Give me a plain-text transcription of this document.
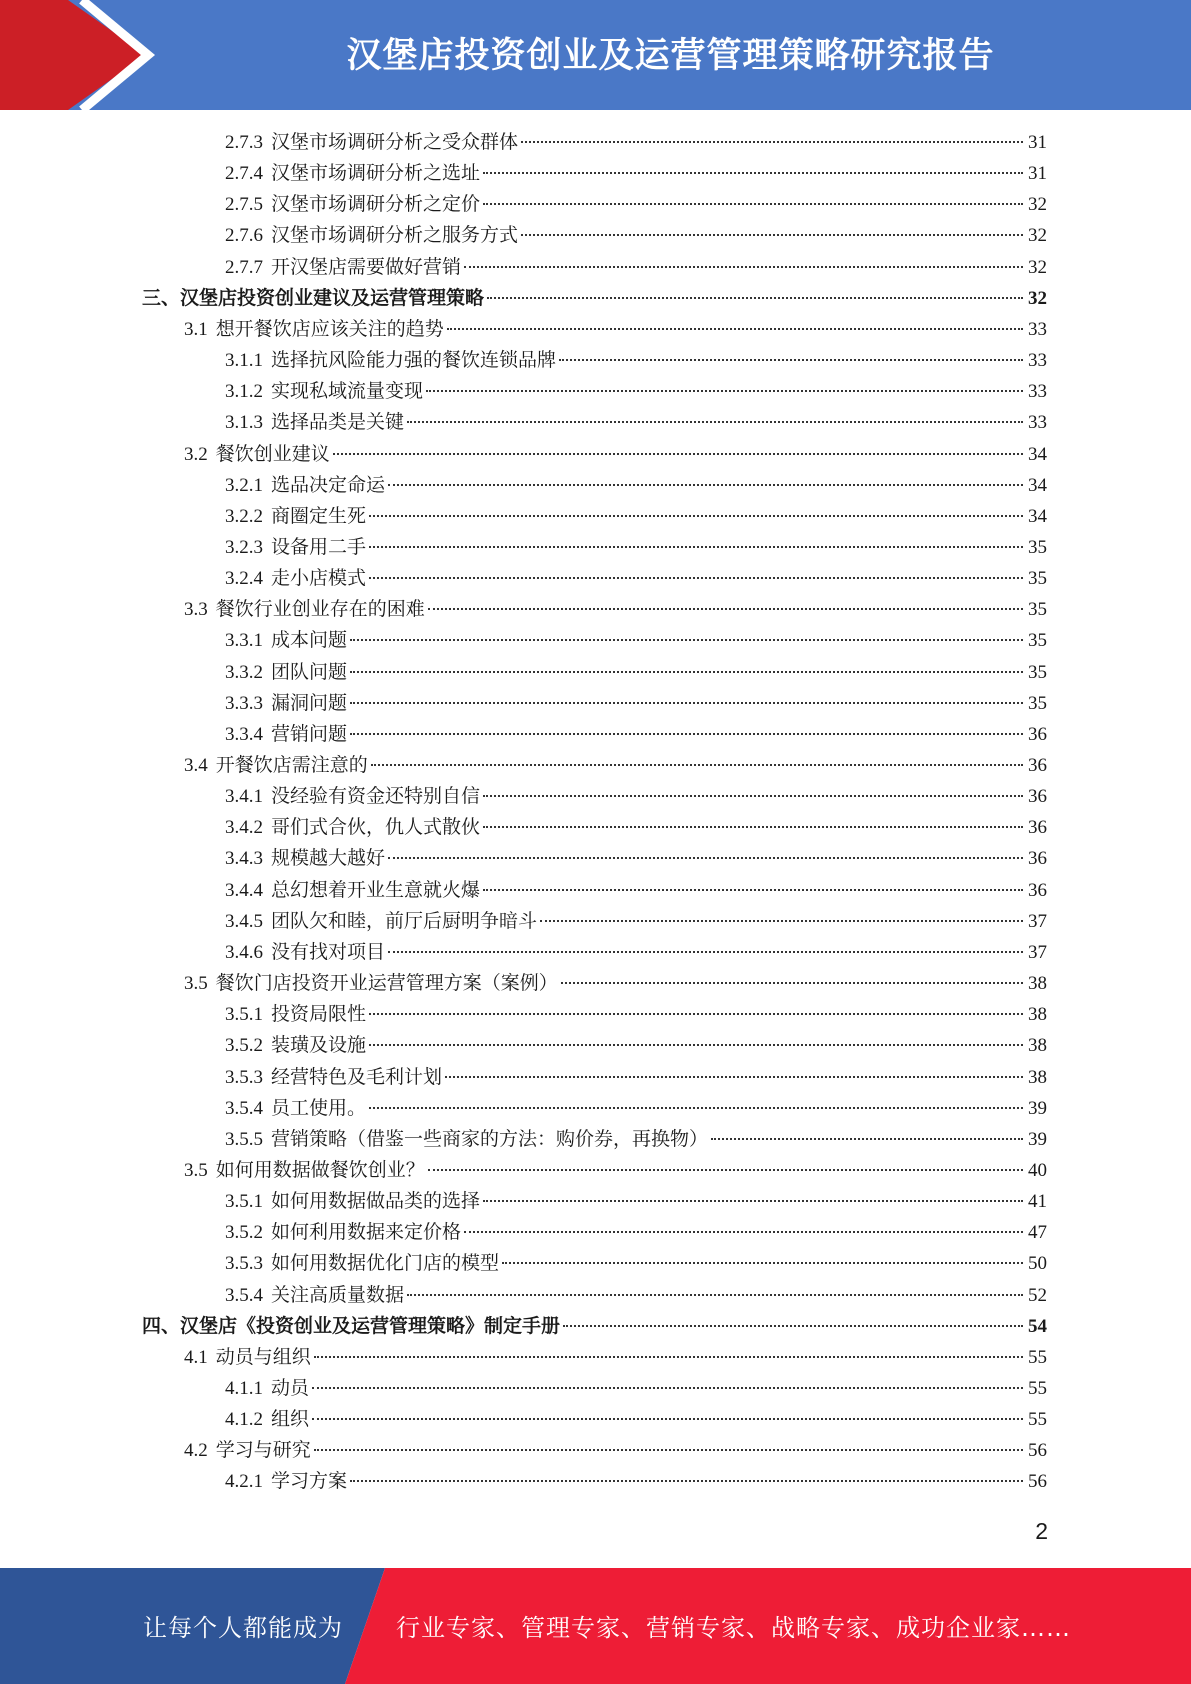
汉堡店投资创业及运营管理策略研究报告
2.7.3 汉堡市场调研分析之受众群体	31
2.7.4 汉堡市场调研分析之选址	31
2.7.5 汉堡市场调研分析之定价	32
2.7.6 汉堡市场调研分析之服务方式	32
2.7.7 开汉堡店需要做好营销	32
三、汉堡店投资创业建议及运营管理策略	32
3.1 想开餐饮店应该关注的趋势	33
3.1.1 选择抗风险能力强的餐饮连锁品牌	33
3.1.2 实现私域流量变现	33
3.1.3 选择品类是关键	33
3.2 餐饮创业建议	34
3.2.1 选品决定命运	34
3.2.2 商圈定生死	34
3.2.3 设备用二手	35
3.2.4 走小店模式	35
3.3 餐饮行业创业存在的困难	35
3.3.1 成本问题	35
3.3.2 团队问题	35
3.3.3 漏洞问题	35
3.3.4 营销问题	36
3.4 开餐饮店需注意的	36
3.4.1 没经验有资金还特别自信	36
3.4.2 哥们式合伙，仇人式散伙	36
3.4.3 规模越大越好	36
3.4.4 总幻想着开业生意就火爆	36
3.4.5 团队欠和睦，前厅后厨明争暗斗	37
3.4.6 没有找对项目	37
3.5 餐饮门店投资开业运营管理方案（案例）	38
3.5.1 投资局限性	38
3.5.2 装璜及设施	38
3.5.3 经营特色及毛利计划	38
3.5.4 员工使用。	39
3.5.5 营销策略（借鉴一些商家的方法：购价券，再换物）	39
3.5 如何用数据做餐饮创业？	40
3.5.1 如何用数据做品类的选择	41
3.5.2 如何利用数据来定价格	47
3.5.3 如何用数据优化门店的模型	50
3.5.4 关注高质量数据	52
四、汉堡店《投资创业及运营管理策略》制定手册	54
4.1 动员与组织	55
4.1.1 动员	55
4.1.2 组织	55
4.2 学习与研究	56
4.2.1 学习方案	56
2
让每个人都能成为 行业专家、管理专家、营销专家、战略专家、成功企业家……
